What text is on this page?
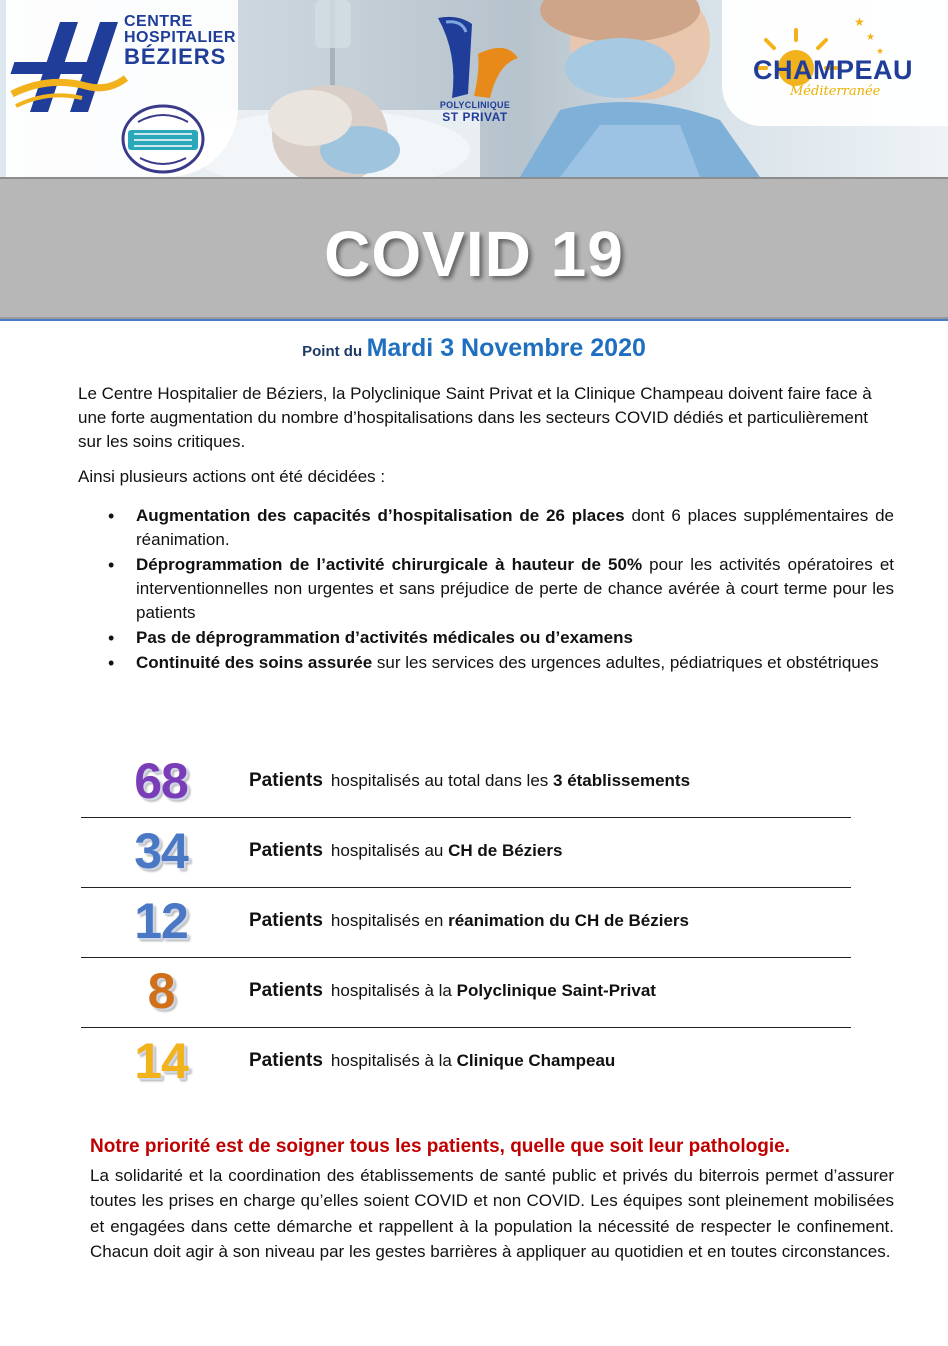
CENTRE
HOSPITALIER
BÉZIERS
POLYCLINIQUE
ST PRIVAT
★
★
★
CHAMPEAU
Méditerranée
COVID 19
Point du Mardi 3 Novembre 2020

Le Centre Hospitalier de Béziers, la Polyclinique Saint Privat et la Clinique Champeau doivent faire face à une forte augmentation du nombre d’hospitalisations dans les secteurs COVID dédiés et particulièrement sur les soins critiques.

Ainsi plusieurs actions ont été décidées :

• Augmentation des capacités d’hospitalisation de 26 places dont 6 places supplémentaires de réanimation.
• Déprogrammation de l’activité chirurgicale à hauteur de 50% pour les activités opératoires et interventionnelles non urgentes et sans préjudice de perte de chance avérée à court terme pour les patients
• Pas de déprogrammation d’activités médicales ou d’examens
• Continuité des soins assurée sur les services des urgences adultes, pédiatriques et obstétriques
68	Patients hospitalisés au total dans les 3 établissements
34	Patients hospitalisés au CH de Béziers
12	Patients hospitalisés en réanimation du CH de Béziers
8	Patients hospitalisés à la Polyclinique Saint-Privat
14	Patients hospitalisés à la Clinique Champeau
Notre priorité est de soigner tous les patients, quelle que soit leur pathologie.

La solidarité et la coordination des établissements de santé public et privés du biterrois permet d’assurer toutes les prises en charge qu’elles soient COVID et non COVID. Les équipes sont pleinement mobilisées et engagées dans cette démarche et rappellent à la population la nécessité de respecter le confinement. Chacun doit agir à son niveau par les gestes barrières à appliquer au quotidien et en toutes circonstances.
